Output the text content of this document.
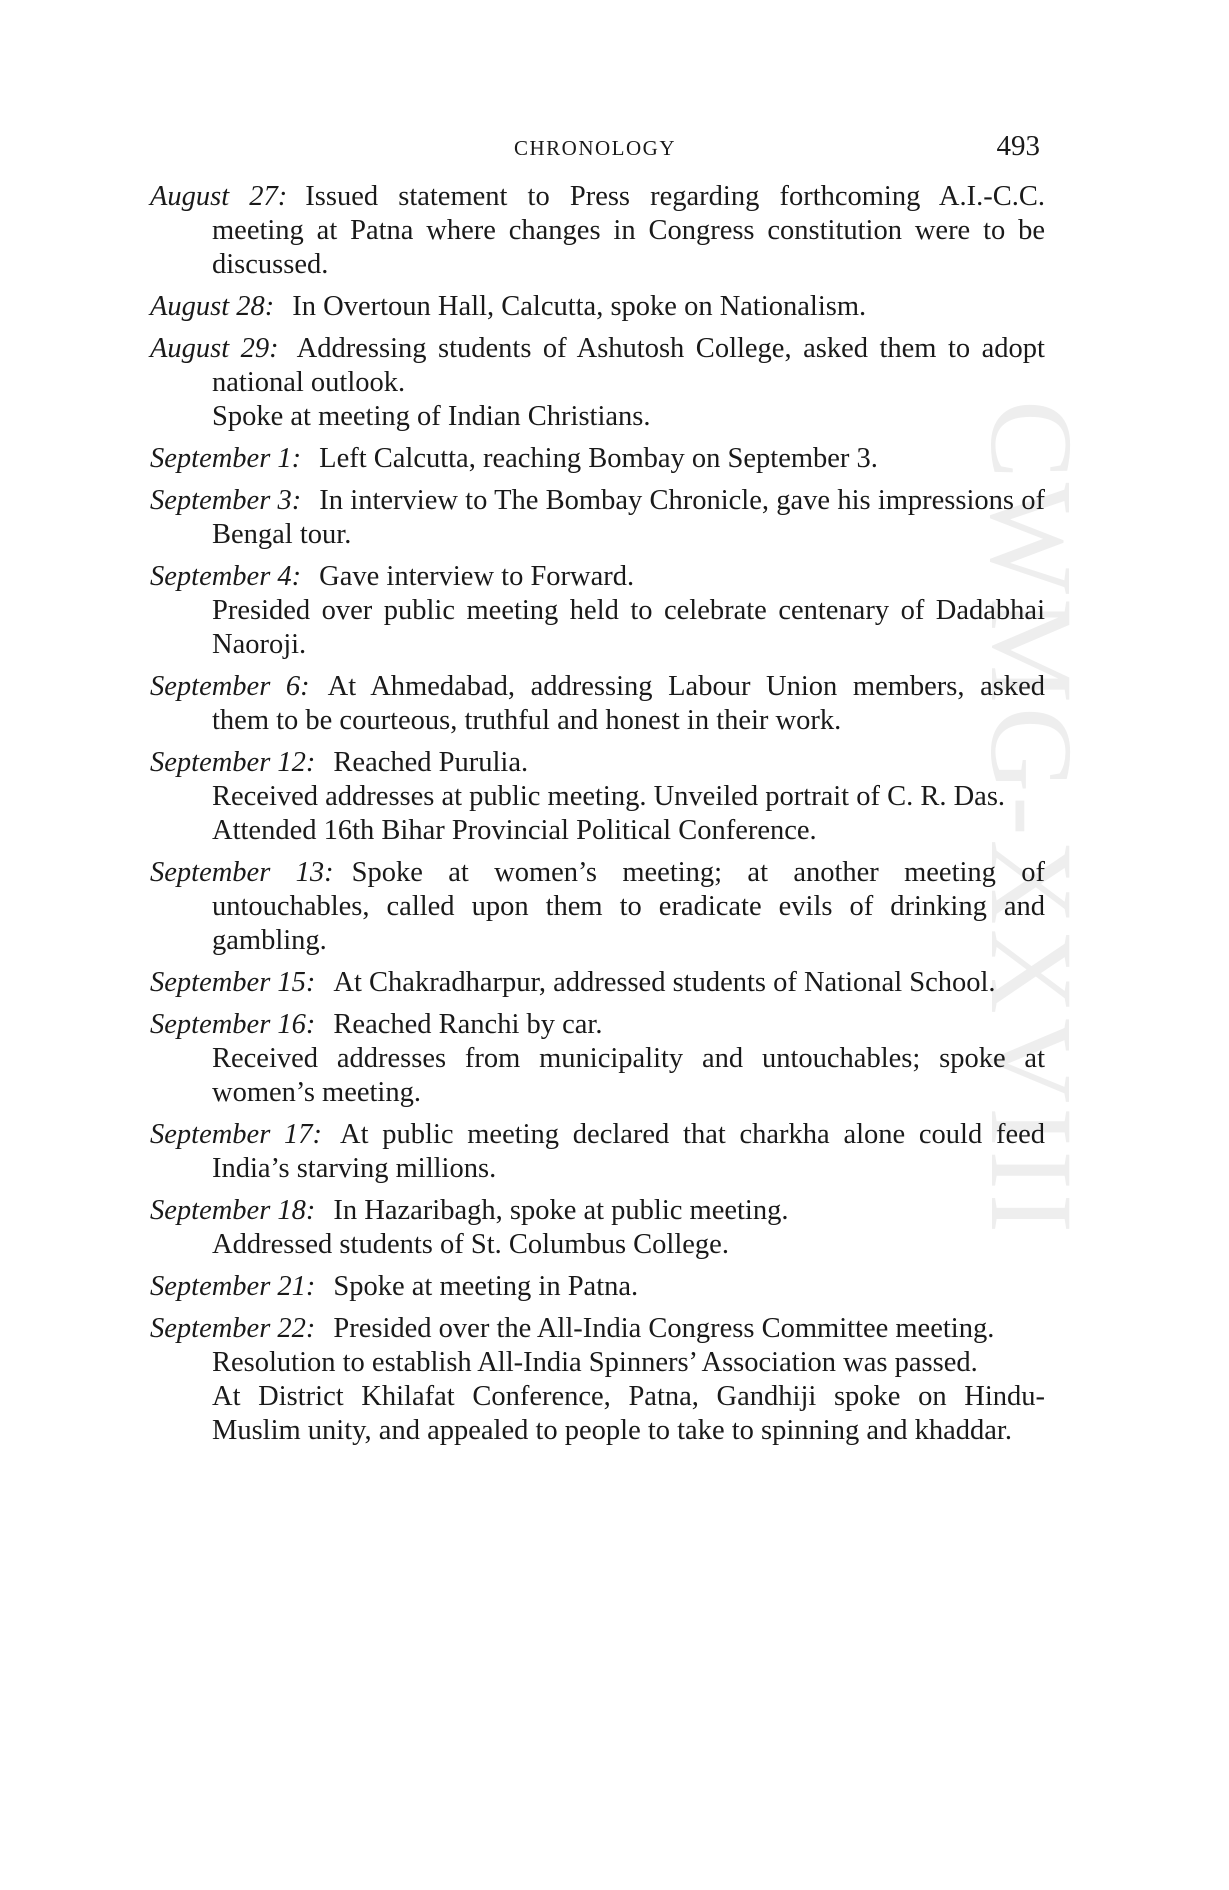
CHRONOLOGY	493
CWMG-XXVIII
August 27: Issued statement to Press regarding forthcoming A.I.-C.C. meeting at Patna where changes in Congress constitution were to be discussed.
August 28: In Overtoun Hall, Calcutta, spoke on Nationalism.
August 29: Addressing students of Ashutosh College, asked them to adopt national outlook.
Spoke at meeting of Indian Christians.
September 1: Left Calcutta, reaching Bombay on September 3.
September 3: In interview to The Bombay Chronicle, gave his impressions of Bengal tour.
September 4: Gave interview to Forward.
Presided over public meeting held to celebrate centenary of Dadabhai Naoroji.
September 6: At Ahmedabad, addressing Labour Union members, asked them to be courteous, truthful and honest in their work.
September 12: Reached Purulia.
Received addresses at public meeting. Unveiled portrait of C. R. Das.
Attended 16th Bihar Provincial Political Conference.
September 13: Spoke at women’s meeting; at another meeting of untouchables, called upon them to eradicate evils of drinking and gambling.
September 15: At Chakradharpur, addressed students of National School.
September 16: Reached Ranchi by car.
Received addresses from municipality and untouchables; spoke at women’s meeting.
September 17: At public meeting declared that charkha alone could feed India’s starving millions.
September 18: In Hazaribagh, spoke at public meeting.
Addressed students of St. Columbus College.
September 21: Spoke at meeting in Patna.
September 22: Presided over the All-India Congress Committee meeting.
Resolution to establish All-India Spinners’ Association was passed.
At District Khilafat Conference, Patna, Gandhiji spoke on Hindu-Muslim unity, and appealed to people to take to spinning and khaddar.
